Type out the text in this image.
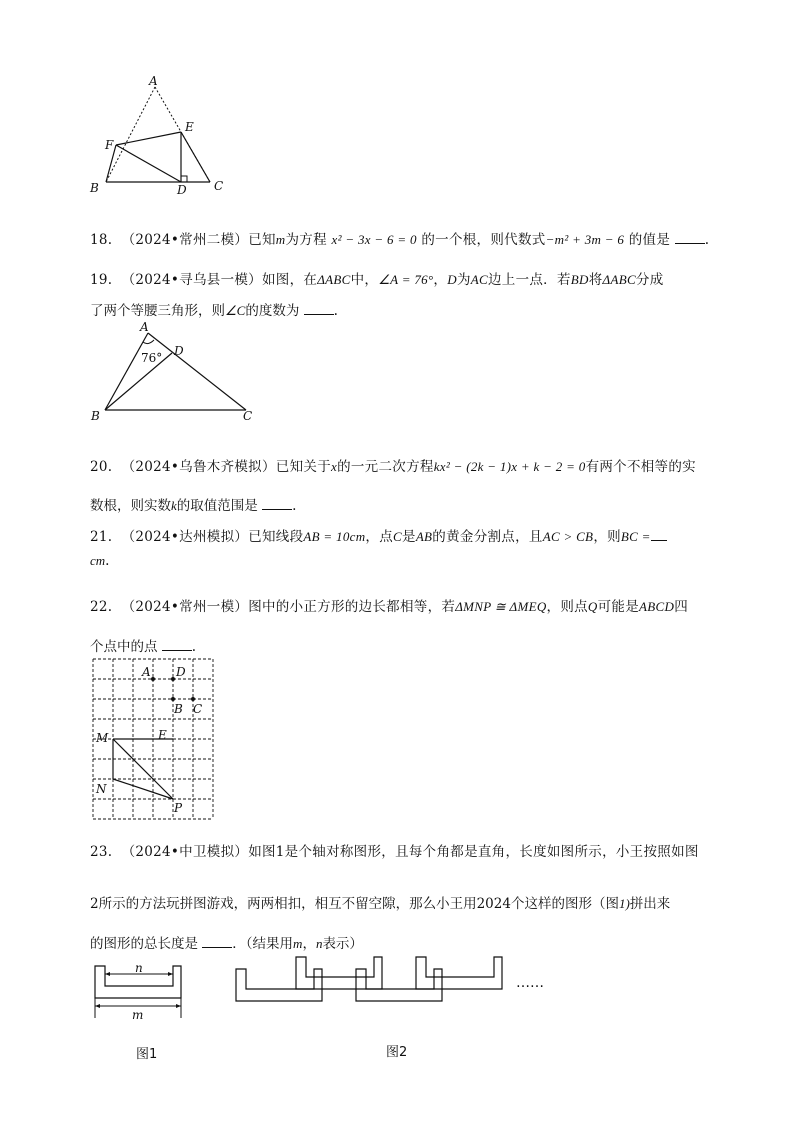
A
E
F
B	D C
18. （2024•常州二模）已知m为方程 x² − 3x − 6 = 0 的一个根，则代数式−m² + 3m − 6 的值是	.
19. （2024•寻乌县一模）如图，在ΔABC中，∠A = 76°，D为AC边上一点．若BD将ΔABC分成
了两个等腰三角形，则∠C的度数为	.
A
D
76°
B	C
20. （2024•乌鲁木齐模拟）已知关于x的一元二次方程kx² − (2k − 1)x + k − 2 = 0有两个不相等的实
数根，则实数k的取值范围是	.
21. （2024•达州模拟）已知线段AB = 10cm，点C是AB的黄金分割点，且AC > CB，则BC =
cm.
22. （2024•常州一模）图中的小正方形的边长都相等，若ΔMNP ≅ ΔMEQ，则点Q可能是ABCD四
个点中的点	.
A D
B C
M	E
N
P
23. （2024•中卫模拟）如图1是个轴对称图形，且每个角都是直角，长度如图所示，小王按照如图
2所示的方法玩拼图游戏，两两相扣，相互不留空隙，那么小王用2024个这样的图形（图1)拼出来
的图形的总长度是	．（结果用m，n表示）
n
m
……
图1	图2
